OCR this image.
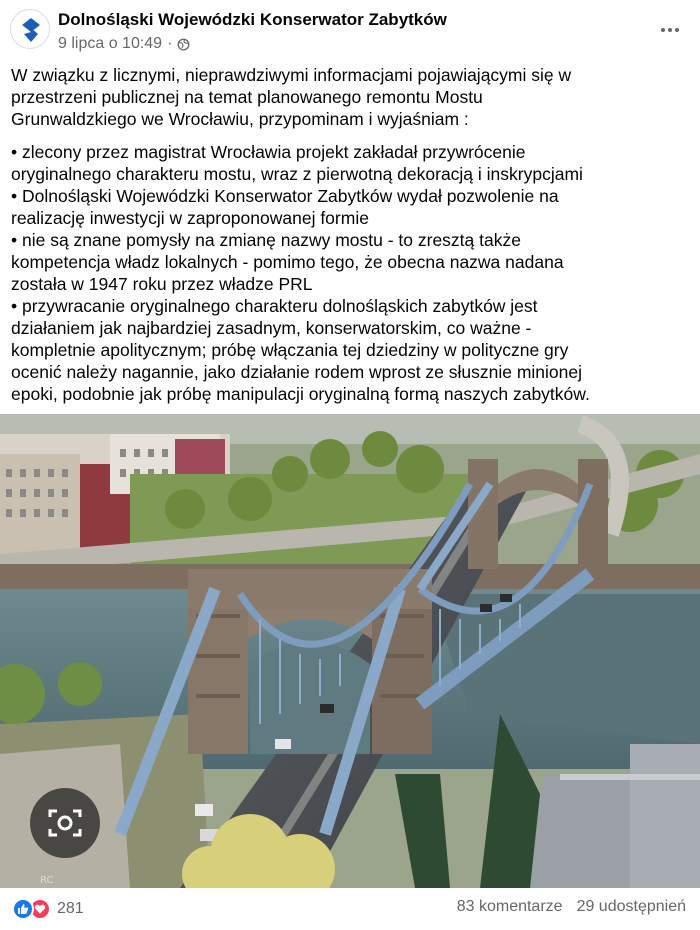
Dolnośląski Wojewódzki Konserwator Zabytków
9 lipca o 10:49 ·

W związku z licznymi, nieprawdziwymi informacjami pojawiającymi się w

przestrzeni publicznej na temat planowanego remontu Mostu

Grunwaldzkiego we Wrocławiu, przypominam i wyjaśniam :

• zlecony przez magistrat Wrocławia projekt zakładał przywrócenie

oryginalnego charakteru mostu, wraz z pierwotną dekoracją i inskrypcjami

• Dolnośląski Wojewódzki Konserwator Zabytków wydał pozwolenie na

realizację inwestycji w zaproponowanej formie

• nie są znane pomysły na zmianę nazwy mostu - to zresztą także

kompetencja władz lokalnych - pomimo tego, że obecna nazwa nadana

została w 1947 roku przez władze PRL

• przywracanie oryginalnego charakteru dolnośląskich zabytków jest

działaniem jak najbardziej zasadnym, konserwatorskim, co ważne -

kompletnie apolitycznym; próbę włączania tej dziedziny w polityczne gry

ocenić należy nagannie, jako działanie rodem wprost ze słusznie minionej

epoki, podobnie jak próbę manipulacji oryginalną formą naszych zabytków.

RC
281	83 komentarze 29 udostępnień
